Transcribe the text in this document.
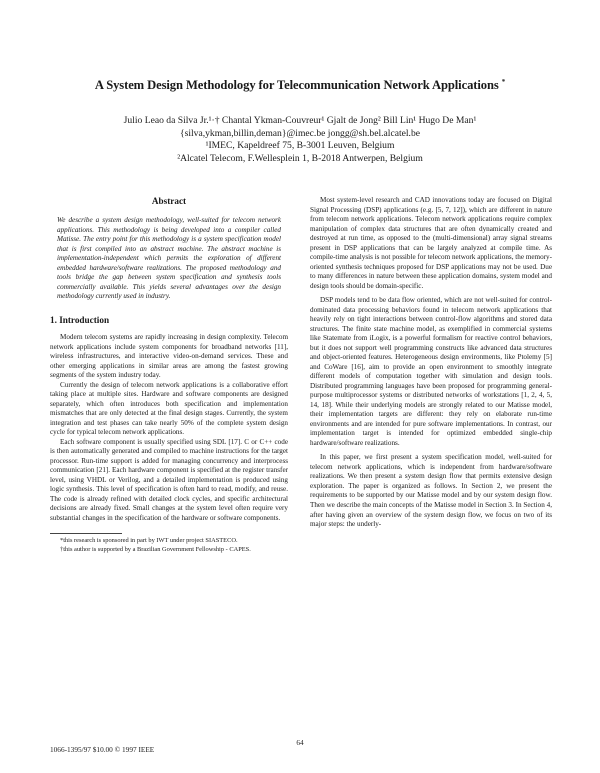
A System Design Methodology for Telecommunication Network Applications *

Julio Leao da Silva Jr.¹·† Chantal Ykman-Couvreur¹ Gjalt de Jong² Bill Lin¹ Hugo De Man¹

{silva,ykman,billin,deman}@imec.be jongg@sh.bel.alcatel.be

¹IMEC, Kapeldreef 75, B-3001 Leuven, Belgium

²Alcatel Telecom, F.Wellesplein 1, B-2018 Antwerpen, Belgium

Abstract

We describe a system design methodology, well-suited for telecom network applications. This methodology is being developed into a compiler called Matisse. The entry point for this methodology is a system specification model that is first compiled into an abstract machine. The abstract machine is implementation-independent which permits the exploration of different embedded hardware/software realizations. The proposed methodology and tools bridge the gap between system specification and synthesis tools commercially available. This yields several advantages over the design methodology currently used in industry.

1. Introduction

Modern telecom systems are rapidly increasing in design complexity. Telecom network applications include system components for broadband networks [11], wireless infrastructures, and interactive video-on-demand services. These and other emerging applications in similar areas are among the fastest growing segments of the system industry today.

Currently the design of telecom network applications is a collaborative effort taking place at multiple sites. Hardware and software components are designed separately, which often introduces both specification and implementation mismatches that are only detected at the final design stages. Currently, the system integration and test phases can take nearly 50% of the complete system design cycle for typical telecom network applications.

Each software component is usually specified using SDL [17]. C or C++ code is then automatically generated and compiled to machine instructions for the target processor. Run-time support is added for managing concurrency and interprocess communication [21]. Each hardware component is specified at the register transfer level, using VHDL or Verilog, and a detailed implementation is produced using logic synthesis. This level of specification is often hard to read, modify, and reuse. The code is already refined with detailed clock cycles, and specific architectural decisions are already fixed. Small changes at the system level often require very substantial changes in the specification of the hardware or software components.

*this research is sponsored in part by IWT under project SIASTECO.

†this author is supported by a Brazilian Government Fellowship - CAPES.

Most system-level research and CAD innovations today are focused on Digital Signal Processing (DSP) applications (e.g. [5, 7, 12]), which are different in nature from telecom network applications. Telecom network applications require complex manipulation of complex data structures that are often dynamically created and destroyed at run time, as opposed to the (multi-dimensional) array signal streams present in DSP applications that can be largely analyzed at compile time. As compile-time analysis is not possible for telecom network applications, the memory-oriented synthesis techniques proposed for DSP applications may not be used. Due to many differences in nature between these application domains, system model and design tools should be domain-specific.

DSP models tend to be data flow oriented, which are not well-suited for control-dominated data processing behaviors found in telecom network applications that heavily rely on tight interactions between control-flow algorithms and stored data structures. The finite state machine model, as exemplified in commercial systems like Statemate from iLogix, is a powerful formalism for reactive control behaviors, but it does not support well programming constructs like advanced data structures and object-oriented features. Heterogeneous design environments, like Ptolemy [5] and CoWare [16], aim to provide an open environment to smoothly integrate different models of computation together with simulation and design tools. Distributed programming languages have been proposed for programming general-purpose multiprocessor systems or distributed networks of workstations [1, 2, 4, 5, 14, 18]. While their underlying models are strongly related to our Matisse model, their implementation targets are different: they rely on elaborate run-time environments and are intended for pure software implementations. In contrast, our implementation target is intended for optimized embedded single-chip hardware/software realizations.

In this paper, we first present a system specification model, well-suited for telecom network applications, which is independent from hardware/software realizations. We then present a system design flow that permits extensive design exploration. The paper is organized as follows. In Section 2, we present the requirements to be supported by our Matisse model and by our system design flow. Then we describe the main concepts of the Matisse model in Section 3. In Section 4, after having given an overview of the system design flow, we focus on two of its major steps: the underly-

64
1066-1395/97 $10.00 © 1997 IEEE
